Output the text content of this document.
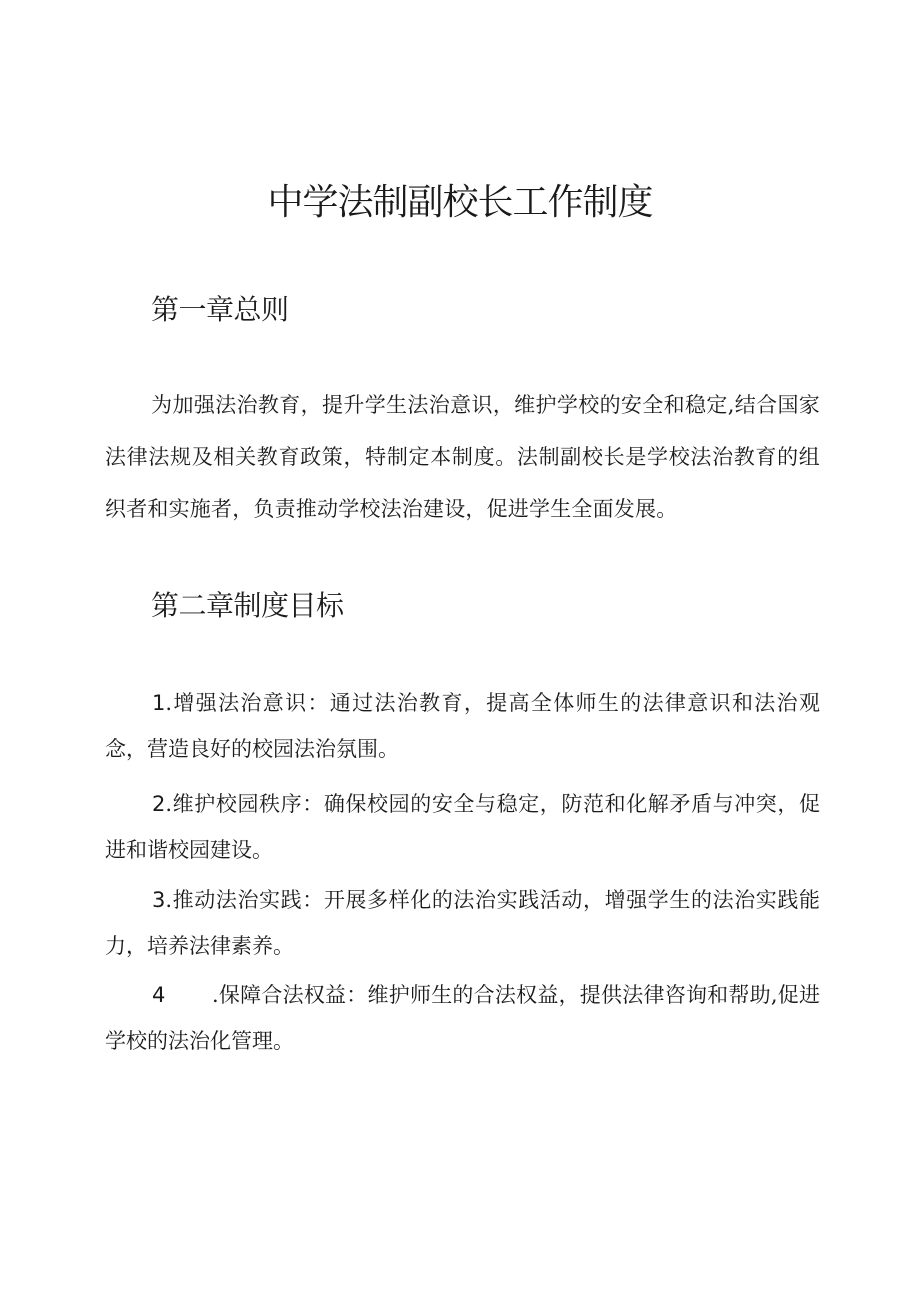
中学法制副校长工作制度
第一章总则
为加强法治教育，提升学生法治意识，维护学校的安全和稳定,结合国家法律法规及相关教育政策，特制定本制度。法制副校长是学校法治教育的组织者和实施者，负责推动学校法治建设，促进学生全面发展。
第二章制度目标
1.增强法治意识：通过法治教育，提高全体师生的法律意识和法治观念，营造良好的校园法治氛围。
2.维护校园秩序：确保校园的安全与稳定，防范和化解矛盾与冲突，促进和谐校园建设。
3.推动法治实践：开展多样化的法治实践活动，增强学生的法治实践能力，培养法律素养。
4 .保障合法权益：维护师生的合法权益，提供法律咨询和帮助,促进学校的法治化管理。
